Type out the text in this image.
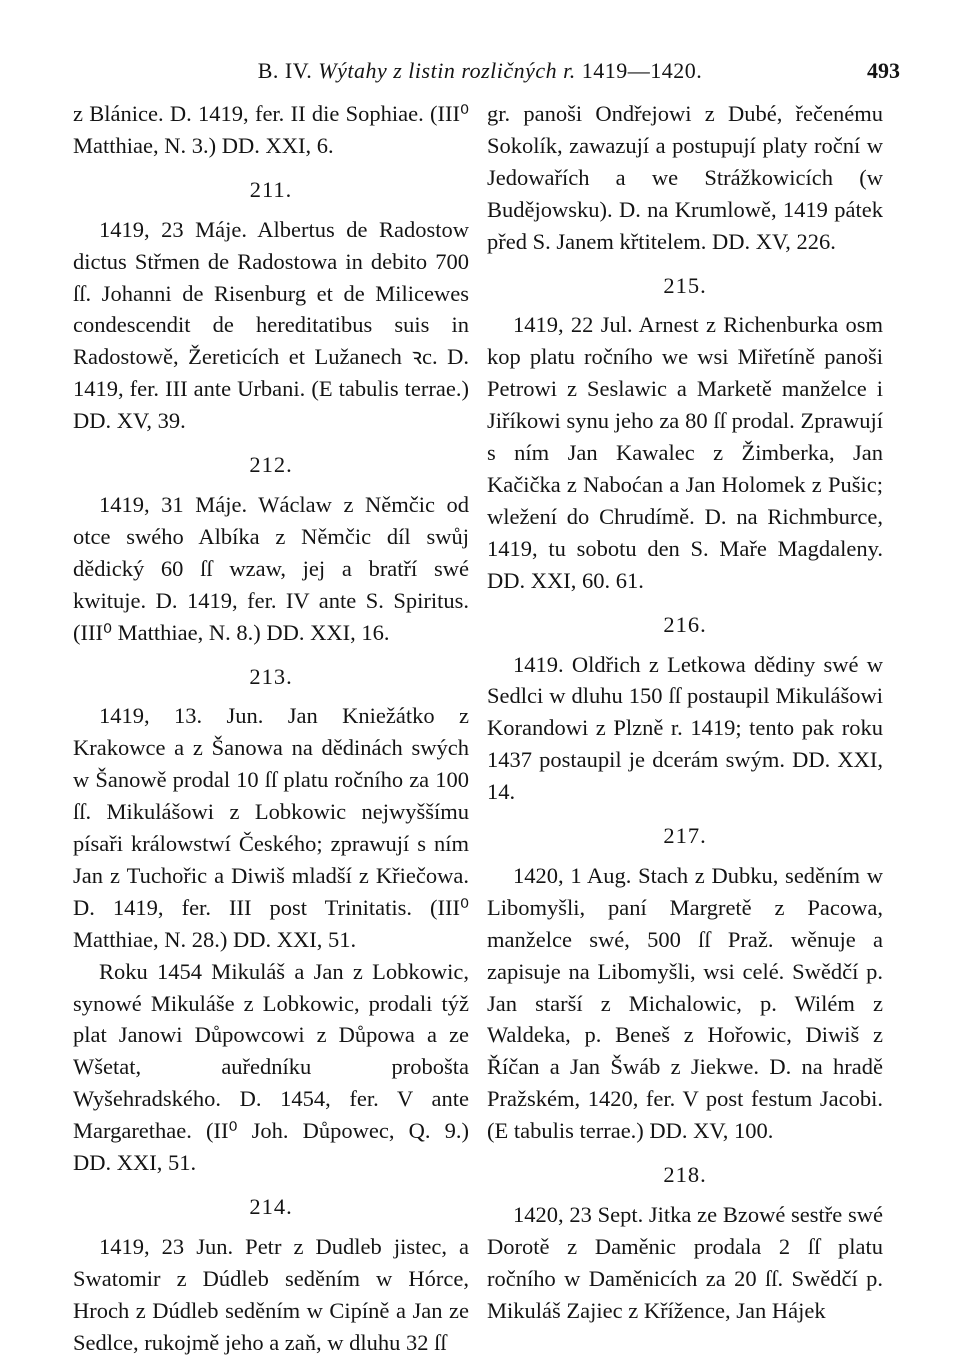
B. IV. Wýtahy z listin rozličných r. 1419—1420.	493
z Blánice. D. 1419, fer. II die Sophiae. (III⁰ Matthiae, N. 3.) DD. XXI, 6.
211.
1419, 23 Máje. Albertus de Radostow dictus Střmen de Radostowa in debito 700 ſſ. Johanni de Risenburg et de Milicewes condescendit de hereditatibus suis in Radostowě, Žereticích et Lužanech ꝛc. D. 1419, fer. III ante Urbani. (E tabulis terrae.) DD. XV, 39.
212.
1419, 31 Máje. Wáclaw z Němčic od otce swého Albíka z Němčic díl swůj dědický 60 ſſ wzaw, jej a bratří swé kwituje. D. 1419, fer. IV ante S. Spiritus. (III⁰ Matthiae, N. 8.) DD. XXI, 16.
213.
1419, 13. Jun. Jan Kniežátko z Krakowce a z Šanowa na dědinách swých w Šanowě prodal 10 ſſ platu ročního za 100 ſſ. Mikulášowi z Lobkowic nejwyššímu písaři králowstwí Českého; zprawují s ním Jan z Tuchořic a Diwiš mladší z Křiečowa. D. 1419, fer. III post Trinitatis. (III⁰ Matthiae, N. 28.) DD. XXI, 51.
Roku 1454 Mikuláš a Jan z Lobkowic, synowé Mikuláše z Lobkowic, prodali týž plat Janowi Důpowcowi z Důpowa a ze Wšetat, auředníku probošta Wyšehradského. D. 1454, fer. V ante Margarethae. (II⁰ Joh. Důpowec, Q. 9.) DD. XXI, 51.
214.
1419, 23 Jun. Petr z Dudleb jistec, a Swatomir z Dúdleb seděním w Hórce, Hroch z Dúdleb seděním w Cipíně a Jan ze Sedlce, rukojmě jeho a zaň, w dluhu 32 ſſ
gr. panoši Ondřejowi z Dubé, řečenému Sokolík, zawazují a postupují platy roční w Jedowařích a we Strážkowicích (w Budějowsku). D. na Krumlowě, 1419 pátek před S. Janem křtitelem. DD. XV, 226.
215.
1419, 22 Jul. Arnest z Richenburka osm kop platu ročního we wsi Miřetíně panoši Petrowi z Seslawic a Marketě manželce i Jiříkowi synu jeho za 80 ſſ prodal. Zprawují s ním Jan Kawalec z Žimberka, Jan Kačička z Naboćan a Jan Holomek z Pušic; wležení do Chrudímě. D. na Richmburce, 1419, tu sobotu den S. Maře Magdaleny. DD. XXI, 60. 61.
216.
1419. Oldřich z Letkowa dědiny swé w Sedlci w dluhu 150 ſſ postaupil Mikulášowi Korandowi z Plzně r. 1419; tento pak roku 1437 postaupil je dcerám swým. DD. XXI, 14.
217.
1420, 1 Aug. Stach z Dubku, seděním w Libomyšli, paní Margretě z Pacowa, manželce swé, 500 ſſ Praž. wěnuje a zapisuje na Libomyšli, wsi celé. Swědčí p. Jan starší z Michalowic, p. Wilém z Waldeka, p. Beneš z Hořowic, Diwiš z Říčan a Jan Šwáb z Jiekwe. D. na hradě Pražském, 1420, fer. V post festum Jacobi. (E tabulis terrae.) DD. XV, 100.
218.
1420, 23 Sept. Jitka ze Bzowé sestře swé Dorotě z Daměnic prodala 2 ſſ platu ročního w Daměnicích za 20 ſſ. Swědčí p. Mikuláš Zajiec z Křížence, Jan Hájek
